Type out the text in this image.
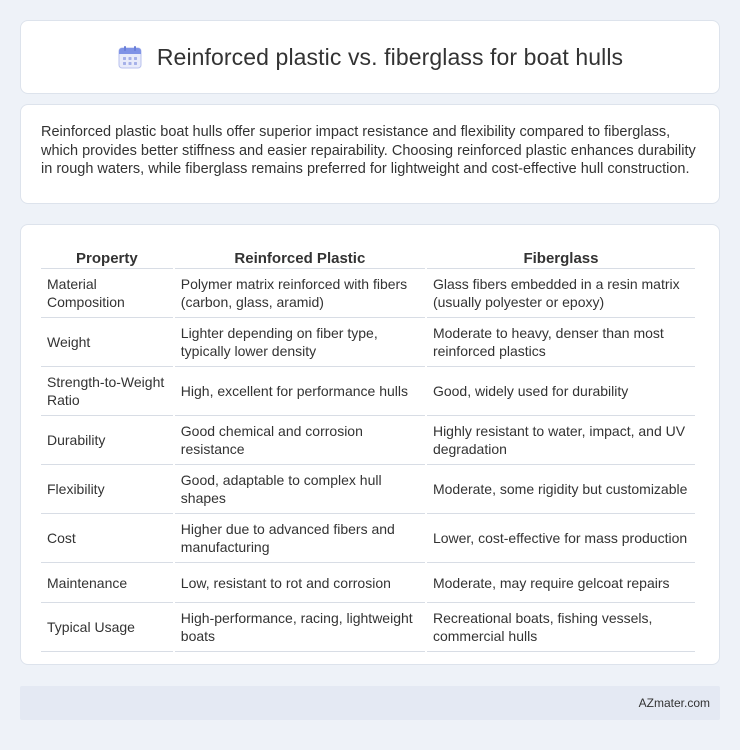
Reinforced plastic vs. fiberglass for boat hulls

Reinforced plastic boat hulls offer superior impact resistance and flexibility compared to fiberglass, which provides better stiffness and easier repairability. Choosing reinforced plastic enhances durability in rough waters, while fiberglass remains preferred for lightweight and cost-effective hull construction.

Property	Reinforced Plastic	Fiberglass
Material Composition	Polymer matrix reinforced with fibers (carbon, glass, aramid)	Glass fibers embedded in a resin matrix (usually polyester or epoxy)
Weight	Lighter depending on fiber type, typically lower density	Moderate to heavy, denser than most reinforced plastics
Strength-to-Weight Ratio	High, excellent for performance hulls	Good, widely used for durability
Durability	Good chemical and corrosion resistance	Highly resistant to water, impact, and UV degradation
Flexibility	Good, adaptable to complex hull shapes	Moderate, some rigidity but customizable
Cost	Higher due to advanced fibers and manufacturing	Lower, cost-effective for mass production
Maintenance	Low, resistant to rot and corrosion	Moderate, may require gelcoat repairs
Typical Usage	High-performance, racing, lightweight boats	Recreational boats, fishing vessels, commercial hulls
AZmater.com
